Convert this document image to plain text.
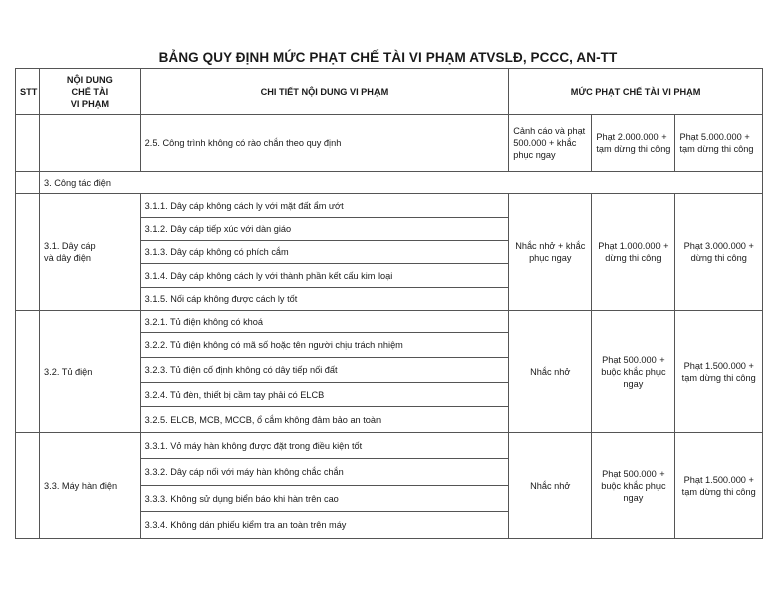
BẢNG QUY ĐỊNH MỨC PHẠT CHẾ TÀI VI PHẠM ATVSLĐ, PCCC, AN-TT
STT	NỘI DUNG
CHẾ TÀI
VI PHẠM	CHI TIẾT NỘI DUNG VI PHẠM	MỨC PHẠT CHẾ TÀI VI PHẠM		
		2.5. Công trình không có rào chắn theo quy định	Cảnh cáo và phạt 500.000 + khắc phục ngay	Phạt 2.000.000 + tạm dừng thi công	Phạt 5.000.000 + tạm dừng thi công
	3. Công tác điện				
	3.1. Dây cáp
và dây điện	3.1.1. Dây cáp không cách ly với mặt đất ẩm ướt	Nhắc nhở + khắc phục ngay	Phạt 1.000.000 + dừng thi công	Phạt 3.000.000 + dừng thi công
		3.1.2. Dây cáp tiếp xúc với dàn giáo			
		3.1.3. Dây cáp không có phích cắm			
		3.1.4. Dây cáp không cách ly với thành phần kết cấu kim loại			
		3.1.5. Nối cáp không được cách ly tốt			
	3.2. Tủ điện	3.2.1. Tủ điện không có khoá	Nhắc nhở	Phạt 500.000 + buộc khắc phục ngay	Phạt 1.500.000 + tạm dừng thi công
		3.2.2. Tủ điện không có mã số hoặc tên người chịu trách nhiệm			
		3.2.3. Tủ điện cố định không có dây tiếp nối đất			
		3.2.4. Tủ đèn, thiết bị cầm tay phải có ELCB			
		3.2.5. ELCB, MCB, MCCB, ổ cắm không đảm bảo an toàn			
	3.3. Máy hàn điện	3.3.1. Vỏ máy hàn không được đặt trong điều kiện tốt	Nhắc nhở	Phạt 500.000 + buộc khắc phục ngay	Phạt 1.500.000 + tạm dừng thi công
		3.3.2. Dây cáp nối với máy hàn không chắc chắn			
		3.3.3. Không sử dụng biển báo khi hàn trên cao			
		3.3.4. Không dán phiếu kiểm tra an toàn trên máy			
